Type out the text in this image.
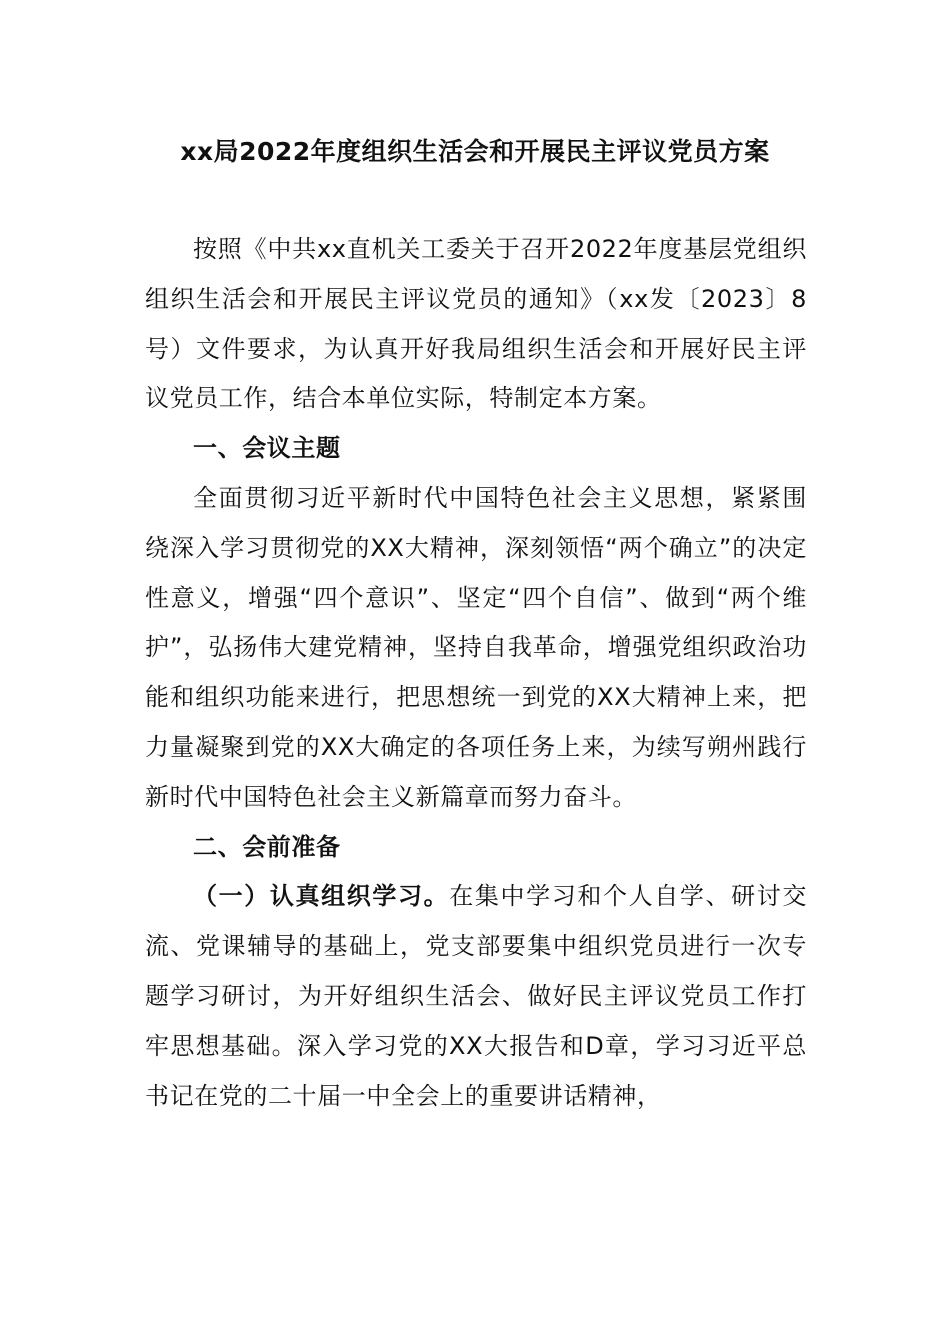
xx局2022年度组织生活会和开展民主评议党员方案

按照《中共xx直机关工委关于召开2022年度基层党组织组织生活会和开展民主评议党员的通知》（xx发〔2023〕8号）文件要求，为认真开好我局组织生活会和开展好民主评议党员工作，结合本单位实际，特制定本方案。

一、会议主题

全面贯彻习近平新时代中国特色社会主义思想，紧紧围绕深入学习贯彻党的XX大精神，深刻领悟“两个确立”的决定性意义，增强“四个意识”、坚定“四个自信”、做到“两个维护”，弘扬伟大建党精神，坚持自我革命，增强党组织政治功能和组织功能来进行，把思想统一到党的XX大精神上来，把力量凝聚到党的XX大确定的各项任务上来，为续写朔州践行新时代中国特色社会主义新篇章而努力奋斗。

二、会前准备

（一）认真组织学习。在集中学习和个人自学、研讨交流、党课辅导的基础上，党支部要集中组织党员进行一次专题学习研讨，为开好组织生活会、做好民主评议党员工作打牢思想基础。深入学习党的XX大报告和D章，学习习近平总书记在党的二十届一中全会上的重要讲话精神，
